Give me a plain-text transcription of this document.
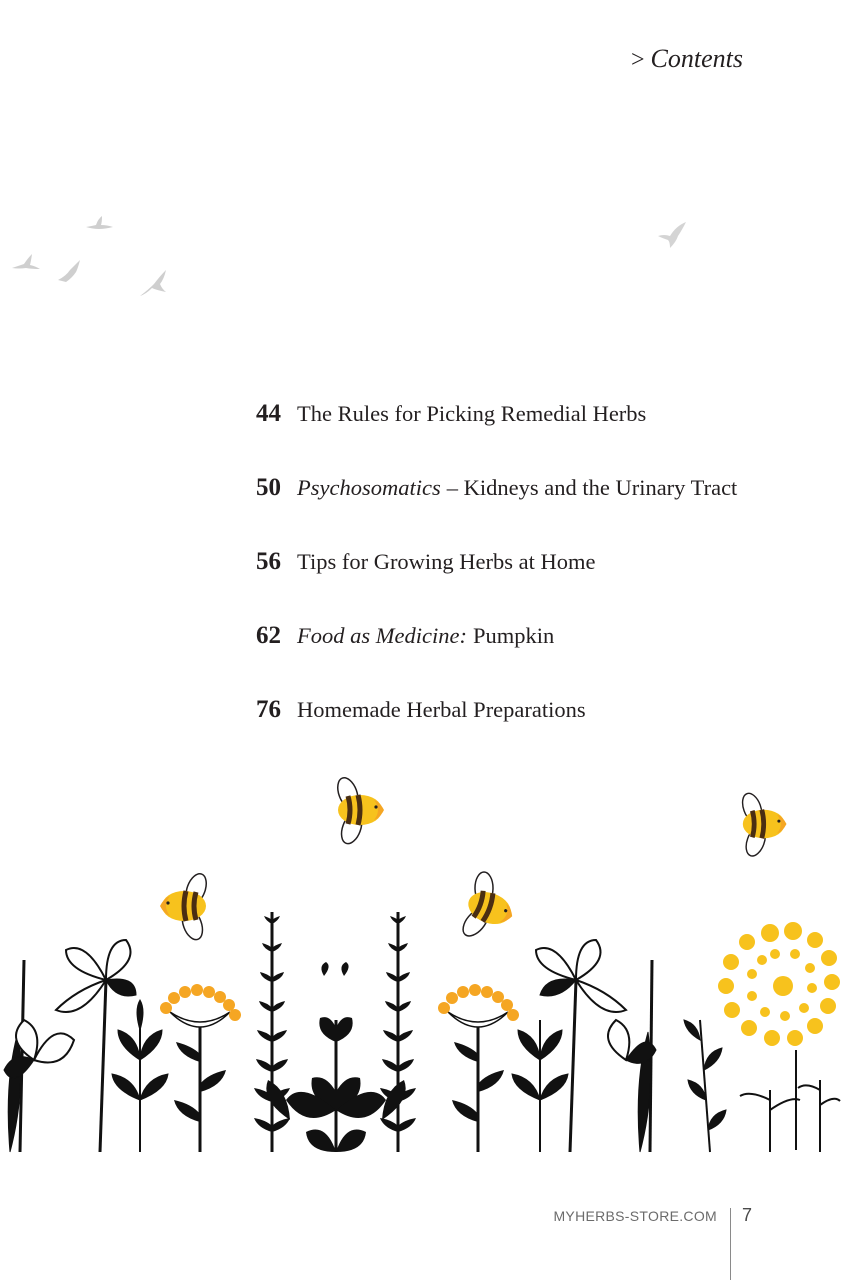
> Contents
44 The Rules for Picking Remedial Herbs
50 Psychosomatics – Kidneys and the Urinary Tract
56 Tips for Growing Herbs at Home
62 Food as Medicine: Pumpkin
76 Homemade Herbal Preparations
MYHERBS-STORE.COM 7
